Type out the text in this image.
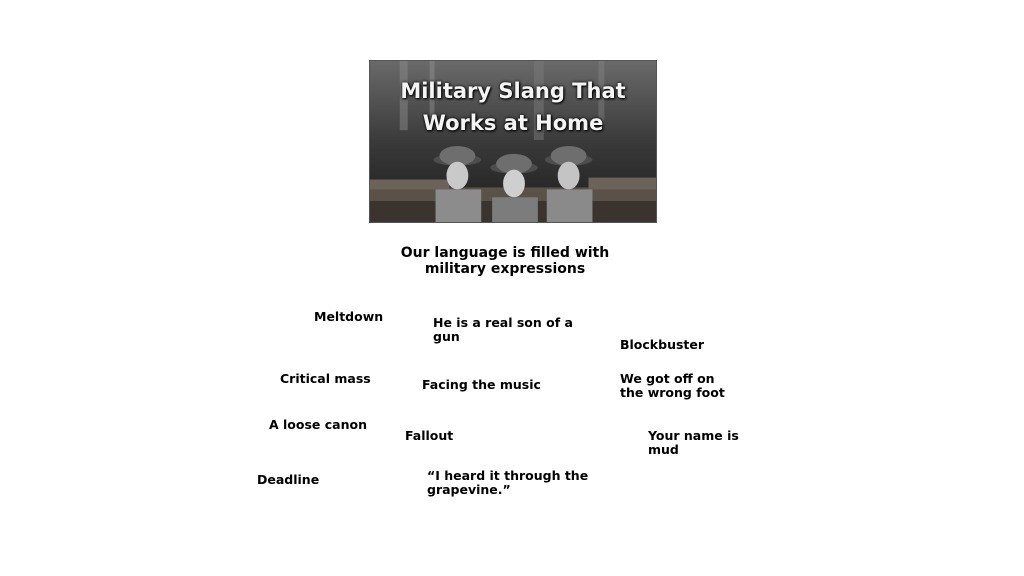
Military Slang That
Works at Home
Our language is filled with
military expressions
Meltdown	He is a real son of a
gun
Blockbuster
Critical mass	Facing the music	We got off on
the wrong foot
A loose canon
Fallout	Your name is
mud
Deadline	“I heard it through the
grapevine.”
